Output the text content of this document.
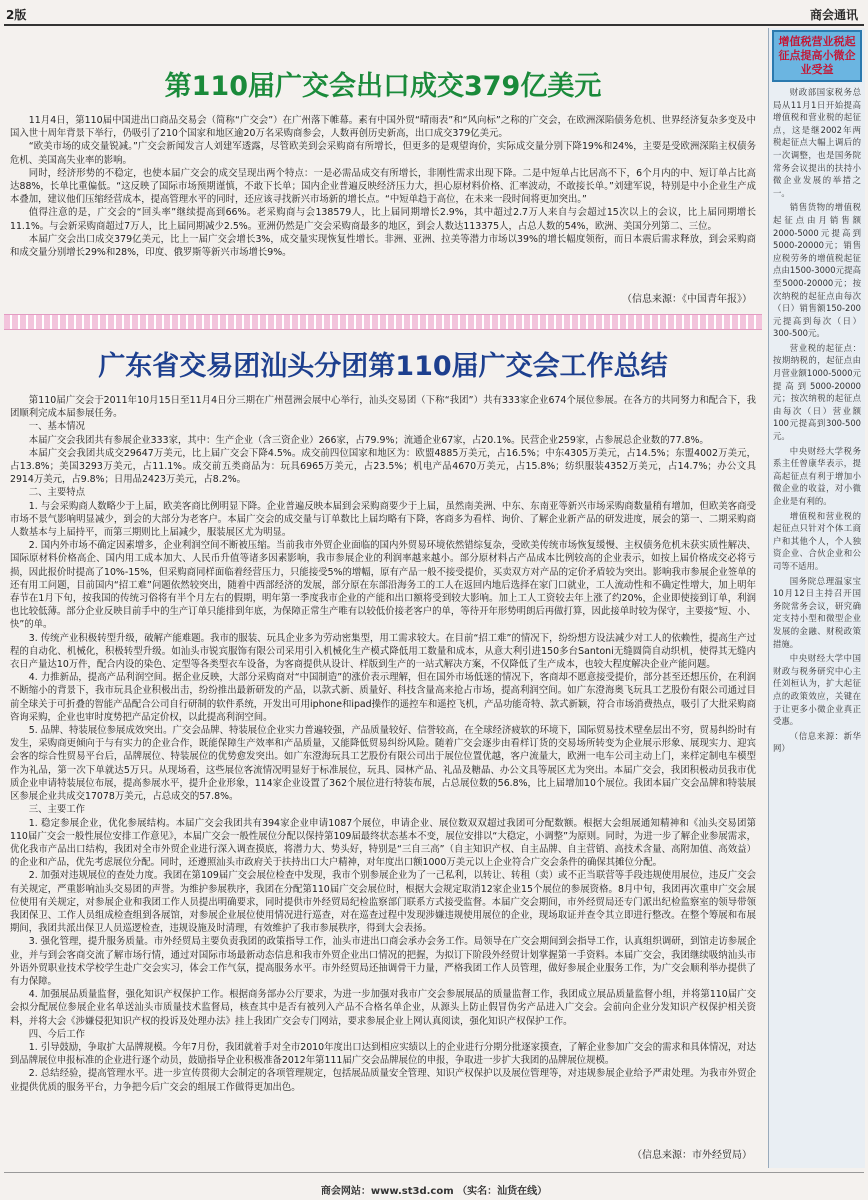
2版	商会通讯
第110届广交会出口成交379亿美元

11月4日，第110届中国进出口商品交易会（简称“广交会”）在广州落下帷幕。素有中国外贸“晴雨表”和“风向标”之称的广交会，在欧洲深陷债务危机、世界经济复杂多变及中国入世十周年背景下举行，仍吸引了210个国家和地区逾20万名采购商参会，人数再创历史新高，出口成交379亿美元。

“欧美市场的成交量锐减。”广交会新闻发言人刘建军透露，尽管欧美到会采购商有所增长，但更多的是观望询价，实际成交量分别下降19%和24%，主要是受欧洲深陷主权债务危机、美国高失业率的影响。

同时，经济形势的不稳定，也使本届广交会的成交呈现出两个特点：一是必需品成交有所增长，非刚性需求出现下降。二是中短单占比居高不下，6个月内的中、短订单占比高达88%，长单比重偏低。“这反映了国际市场预期谨慎，不敢下长单；国内企业普遍反映经济压力大，担心原材料价格、汇率波动，不敢接长单。”刘建军说，特别是中小企业生产成本叠加，建议他们压缩经营成本，提高管理水平的同时，还应该寻找新兴市场新的增长点。“中短单趋于高位，在未来一段时间将更加突出。”

值得注意的是，广交会的“回头率”继续提高到66%。老采购商与会138579人，比上届同期增长2.9%，其中超过2.7万人来自与会超过15次以上的会议，比上届同期增长11.1%。与会新采购商超过7万人，比上届同期减少2.5%。亚洲仍然是广交会采购商最多的地区，到会人数达113375人，占总人数的54%，欧洲、美国分列第二、三位。

本届广交会出口成交379亿美元，比上一届广交会增长3%，成交量实现恢复性增长。非洲、亚洲、拉美等潜力市场以39%的增长幅度领衔，而日本震后需求释放，到会采购商和成交量分别增长29%和28%，印度、俄罗斯等新兴市场增长9%。

（信息来源：《中国青年报》）
广东省交易团汕头分团第110届广交会工作总结

第110届广交会于2011年10月15日至11月4日分三期在广州琶洲会展中心举行，汕头交易团（下称“我团”）共有333家企业674个展位参展。在各方的共同努力和配合下，我团顺利完成本届参展任务。

一、基本情况

本届广交会我团共有参展企业333家，其中：生产企业（含三资企业）266家，占79.9%；流通企业67家，占20.1%。民营企业259家，占参展总企业数的77.8%。

本届广交会我团共成交29647万美元，比上届广交会下降4.5%。成交前四位国家和地区为：欧盟4885万美元，占16.5%；中东4305万美元，占14.5%；东盟4002万美元，占13.8%；美国3293万美元，占11.1%。成交前五类商品为：玩具6965万美元，占23.5%；机电产品4670万美元，占15.8%；纺织服装4352万美元，占14.7%；办公文具2914万美元，占9.8%；日用品2423万美元，占8.2%。

二、主要特点

1. 与会采购商人数略少于上届，欧美客商比例明显下降。企业普遍反映本届到会采购商要少于上届，虽然南美洲、中东、东南亚等新兴市场采购商数量稍有增加，但欧美客商受市场不景气影响明显减少，到会的大部分为老客户。本届广交会的成交量与订单数比上届均略有下降，客商多为看样、询价、了解企业新产品的研发进度，展会的第一、二期采购商人数基本与上届持平，而第三期则比上届减少，服装展区尤为明显。

2. 国内外市场不确定因素增多，企业利润空间不断被压缩。当前我市外贸企业面临的国内外贸易环境依然错综复杂，受欧美传统市场恢复缓慢、主权债务危机未获实质性解决、国际原材料价格高企、国内用工成本加大、人民币升值等诸多因素影响，我市参展企业的利润率越来越小。部分原材料占产品成本比例较高的企业表示，如按上届价格成交必将亏损，因此报价时提高了10%-15%，但采购商同样面临着经营压力，只能接受5%的增幅，原有产品一般不接受提价，买卖双方对产品的定价矛盾较为突出。影响我市参展企业签单的还有用工问题，目前国内“招工难”问题依然较突出，随着中西部经济的发展，部分原在东部沿海务工的工人在返回内地后选择在家门口就业，工人流动性和不确定性增大，加上明年春节在1月下旬，按我国的传统习俗将有半个月左右的假期，明年第一季度我市企业的产能和出口额将受到较大影响。加上工人工资较去年上涨了约20%，企业即使接到订单，利润也比较低薄。部分企业反映目前手中的生产订单只能排到年底，为保障正常生产唯有以较低价接老客户的单，等待开年形势明朗后再做打算，因此接单时较为保守，主要接“短、小、快”的单。

3. 传统产业积极转型升级，破解产能难题。我市的服装、玩具企业多为劳动密集型，用工需求较大。在目前“招工难”的情况下，纷纷想方设法减少对工人的依赖性，提高生产过程的自动化、机械化，积极转型升级。如汕头市锐宾服饰有限公司采用引入机械化生产模式降低用工数量和成本，从意大利引进150多台Santoni无缝圆筒自动织机，使得其无缝内衣日产量达10万件，配合内设的染色、定型等各类型衣车设备，为客商提供从设计、样版到生产的一站式解决方案，不仅降低了生产成本，也较大程度解决企业产能问题。

4. 力推新品，提高产品利润空间。据企业反映，大部分采购商对“中国制造”的涨价表示理解，但在国外市场低迷的情况下，客商却不愿意接受提价，部分甚至还想压价，在利润不断缩小的背景下，我市玩具企业积极出击，纷纷推出最新研发的产品，以款式新、质量好、科技含量高来抢占市场，提高利润空间。如广东澄海奥飞玩具工艺股份有限公司通过目前全球关于可折叠的智能产品配合公司自行研制的软件系统，开发出可用iphone和ipad操作的遥控车和遥控飞机，产品功能奇特、款式新颖，符合市场消费热点，吸引了大批采购商咨询采购，企业也审时度势把产品定价权，以此提高利润空间。

5. 品牌、特装展位参展成效突出。广交会品牌、特装展位企业实力普遍较强，产品质量较好、信誉较高，在全球经济疲软的环境下，国际贸易技术壁垒层出不穷，贸易纠纷时有发生，采购商更倾向于与有实力的企业合作，既能保障生产效率和产品质量，又能降低贸易纠纷风险。随着广交会逐步由看样订货的交易场所转变为企业展示形象、展现实力、迎宾会客的综合性贸易平台后，品牌展位、特装展位的优势愈发突出。如广东澄海玩具工艺股份有限公司出于展位位置优越，客户流量大，欧洲一电车公司主动上门，来样定制电车模型作为礼品，第一次下单就达5万只。从现场看，这些展位客流情况明显好于标准展位，玩具、园林产品、礼品及糖晶、办公文具等展区尤为突出。本届广交会，我团积极动员我市优质企业申请特装展位布展，提高参展水平，提升企业形象，114家企业设置了362个展位进行特装布展，占总展位数的56.8%，比上届增加10个展位。我团本届广交会品牌和特装展区参展企业共成交17078万美元，占总成交的57.8%。

三、主要工作

1. 稳定参展企业，优化参展结构。本届广交会我团共有394家企业申请1087个展位，申请企业、展位数双双超过我团可分配数额。根据大会组展通知精神和《汕头交易团第110届广交会一般性展位安排工作意见》，本届广交会一般性展位分配以保持第109届最终状态基本不变，展位安排以“大稳定，小调整”为原则。同时，为进一步了解企业参展需求，优化我市产品出口结构，我团对全市外贸企业进行深入调查摸底，将潜力大、势头好，特别是“三自三高”（自主知识产权、自主品牌、自主营销、高技术含量、高附加值、高效益）的企业和产品，优先考虑展位分配。同时，还遵照汕头市政府关于扶持出口大户精神，对年度出口额1000万美元以上企业符合广交会条件的确保其摊位分配。

2. 加强对违规展位的查处力度。我团在第109届广交会展位检查中发现，我市个别参展企业为了一己私利，以转让、转租（卖）或不正当联营等手段违规使用展位，违反广交会有关规定，严重影响汕头交易团的声誉。为维护参展秩序，我团在分配第110届广交会展位时，根据大会规定取消12家企业15个展位的参展资格。8月中旬，我团再次重申广交会展位使用有关规定，对参展企业和我团工作人员提出明确要求，同时提供市外经贸局纪检监察部门联系方式接受监督。本届广交会期间，市外经贸局还专门派出纪检监察室的领导带领我团保卫、工作人员组成检查组到各展馆，对参展企业展位使用情况进行巡查，对在巡查过程中发现涉嫌违规使用展位的企业，现场取证并查令其立即进行整改。在整个筹展和布展期间，我团共派出保卫人员巡逻检查，违规设施及时清理，有效维护了我市参展秩序，得到大会表扬。

3. 强化管理，提升服务质量。市外经贸局主要负责我团的政策指导工作，汕头市进出口商会承办会务工作。局领导在广交会期间到会指导工作，认真组织调研，到馆走访参展企业，并与到会客商交流了解市场行情，通过对国际市场最新动态信息和我市外贸企业出口情况的把握，为拟订下阶段外经贸计划掌握第一手资料。本届广交会，我团继续吸纳汕头市外语外贸职业技术学校学生赴广交会实习，体会工作气氛，提高服务水平。市外经贸局还抽调骨干力量，严格我团工作人员管理，做好参展企业服务工作，为广交会顺利举办提供了有力保障。

4. 加强展品质量监督，强化知识产权保护工作。根据商务部办公厅要求，为进一步加强对我市广交会参展展品的质量监督工作，我团成立展品质量监督小组，并将第110届广交会拟分配展位参展企业名单送汕头市质量技术监督局，核查其中是否有被列入产品不合格名单企业，从源头上防止假冒伪劣产品进入广交会。会前向企业分发知识产权保护相关资料，并将大会《涉嫌侵犯知识产权的投诉及处理办法》挂上我团广交会专门网站，要求参展企业上网认真阅读，强化知识产权保护工作。

四、今后工作

1. 引导鼓励，争取扩大品牌规模。今年7月份，我团就着手对全市2010年度出口达到相应实绩以上的企业进行分期分批逐家摸查，了解企业参加广交会的需求和具体情况，对达到品牌展位申报标准的企业进行逐个动员，鼓励指导企业积极准备2012年第111届广交会品牌展位的申报，争取进一步扩大我团的品牌展位规模。

2. 总结经验，提高管理水平。进一步宣传贯彻大会制定的各项管理规定，包括展品质量安全管理、知识产权保护以及展位管理等，对违规参展企业给予严肃处理。为我市外贸企业提供优质的服务平台，力争把今后广交会的组展工作做得更加出色。

（信息来源：市外经贸局）
增值税营业税起征点提高小微企业受益

财政部国家税务总局从11月1日开始提高增值税和营业税的起征点，这是继2002年两税起征点大幅上调后的一次调整，也是国务院常务会议提出的扶持小微企业发展的举措之一。

销售货物的增值税起征点由月销售额2000-5000元提高到5000-20000元；销售应税劳务的增值税起征点由1500-3000元提高至5000-20000元；按次纳税的起征点由每次（日）销售额150-200元提高到每次（日）300-500元。

营业税的起征点：按期纳税的，起征点由月营业额1000-5000元提高到5000-20000元；按次纳税的起征点由每次（日）营业额100元提高到300-500元。

中央财经大学税务系主任曾康华表示，提高起征点有利于增加小微企业的收益，对小微企业是有利的。

增值税和营业税的起征点只针对个体工商户和其他个人，个人独资企业、合伙企业和公司等不适用。

国务院总理温家宝10月12日主持召开国务院常务会议，研究确定支持小型和微型企业发展的金融、财税政策措施。

中央财经大学中国财政与税务研究中心主任刘桓认为，扩大起征点的政策效应，关键在于让更多小微企业真正受惠。

（信息来源：新华网）

商会网站：www.st3d.com （实名：汕货在线）
